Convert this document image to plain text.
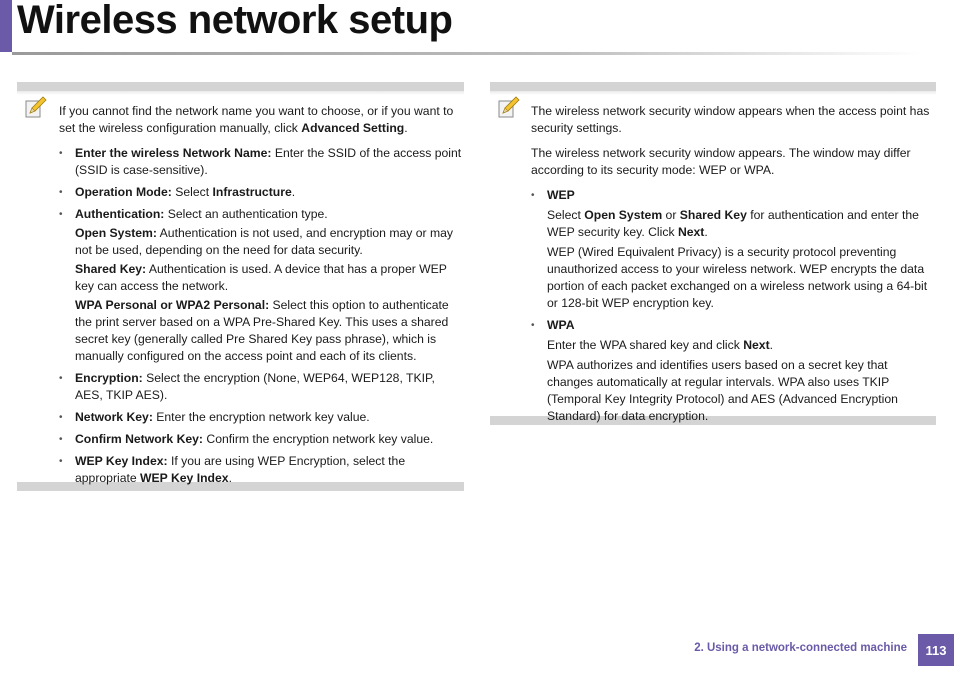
Wireless network setup

If you cannot find the network name you want to choose, or if you want to set the wireless configuration manually, click Advanced Setting.

• Enter the wireless Network Name: Enter the SSID of the access point (SSID is case-sensitive).
• Operation Mode: Select Infrastructure.
• Authentication: Select an authentication type.
Open System: Authentication is not used, and encryption may or may not be used, depending on the need for data security.
Shared Key: Authentication is used. A device that has a proper WEP key can access the network.
WPA Personal or WPA2 Personal: Select this option to authenticate the print server based on a WPA Pre-Shared Key. This uses a shared secret key (generally called Pre Shared Key pass phrase), which is manually configured on the access point and each of its clients.
• Encryption: Select the encryption (None, WEP64, WEP128, TKIP, AES, TKIP AES).
• Network Key: Enter the encryption network key value.
• Confirm Network Key: Confirm the encryption network key value.
• WEP Key Index: If you are using WEP Encryption, select the appropriate WEP Key Index.

The wireless network security window appears when the access point has security settings.

The wireless network security window appears. The window may differ according to its security mode: WEP or WPA.

• WEP
Select Open System or Shared Key for authentication and enter the WEP security key. Click Next.
WEP (Wired Equivalent Privacy) is a security protocol preventing unauthorized access to your wireless network. WEP encrypts the data portion of each packet exchanged on a wireless network using a 64-bit or 128-bit WEP encryption key.
• WPA
Enter the WPA shared key and click Next.
WPA authorizes and identifies users based on a secret key that changes automatically at regular intervals. WPA also uses TKIP (Temporal Key Integrity Protocol) and AES (Advanced Encryption Standard) for data encryption.
2. Using a network-connected machine	113
